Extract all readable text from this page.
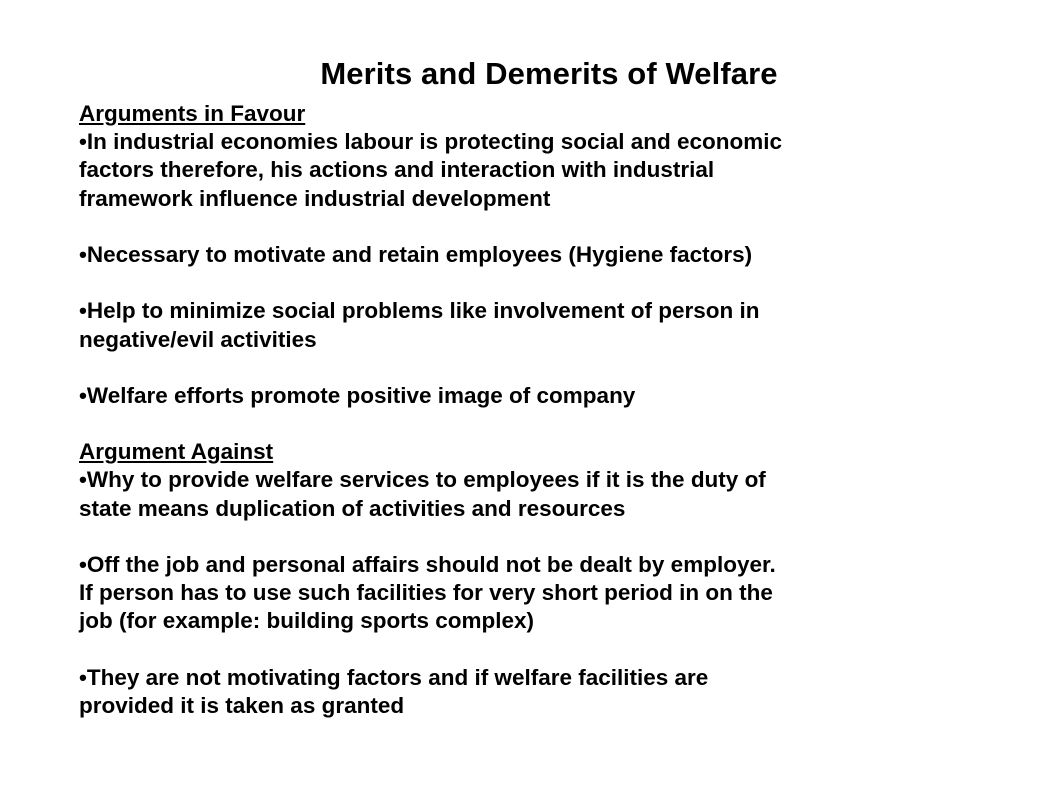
Merits and Demerits of Welfare
Arguments in Favour
•In industrial economies labour is protecting social and economic
factors therefore, his actions and interaction with industrial
framework influence industrial development
•Necessary to motivate and retain employees (Hygiene factors)
•Help to minimize social problems like involvement of person in
negative/evil activities
•Welfare efforts promote positive image of company
Argument Against
•Why to provide welfare services to employees if it is the duty of
state means duplication of activities and resources
•Off the job and personal affairs should not be dealt by employer.
If person has to use such facilities for very short period in on the
job (for example: building sports complex)
•They are not motivating factors and if welfare facilities are
provided it is taken as granted
